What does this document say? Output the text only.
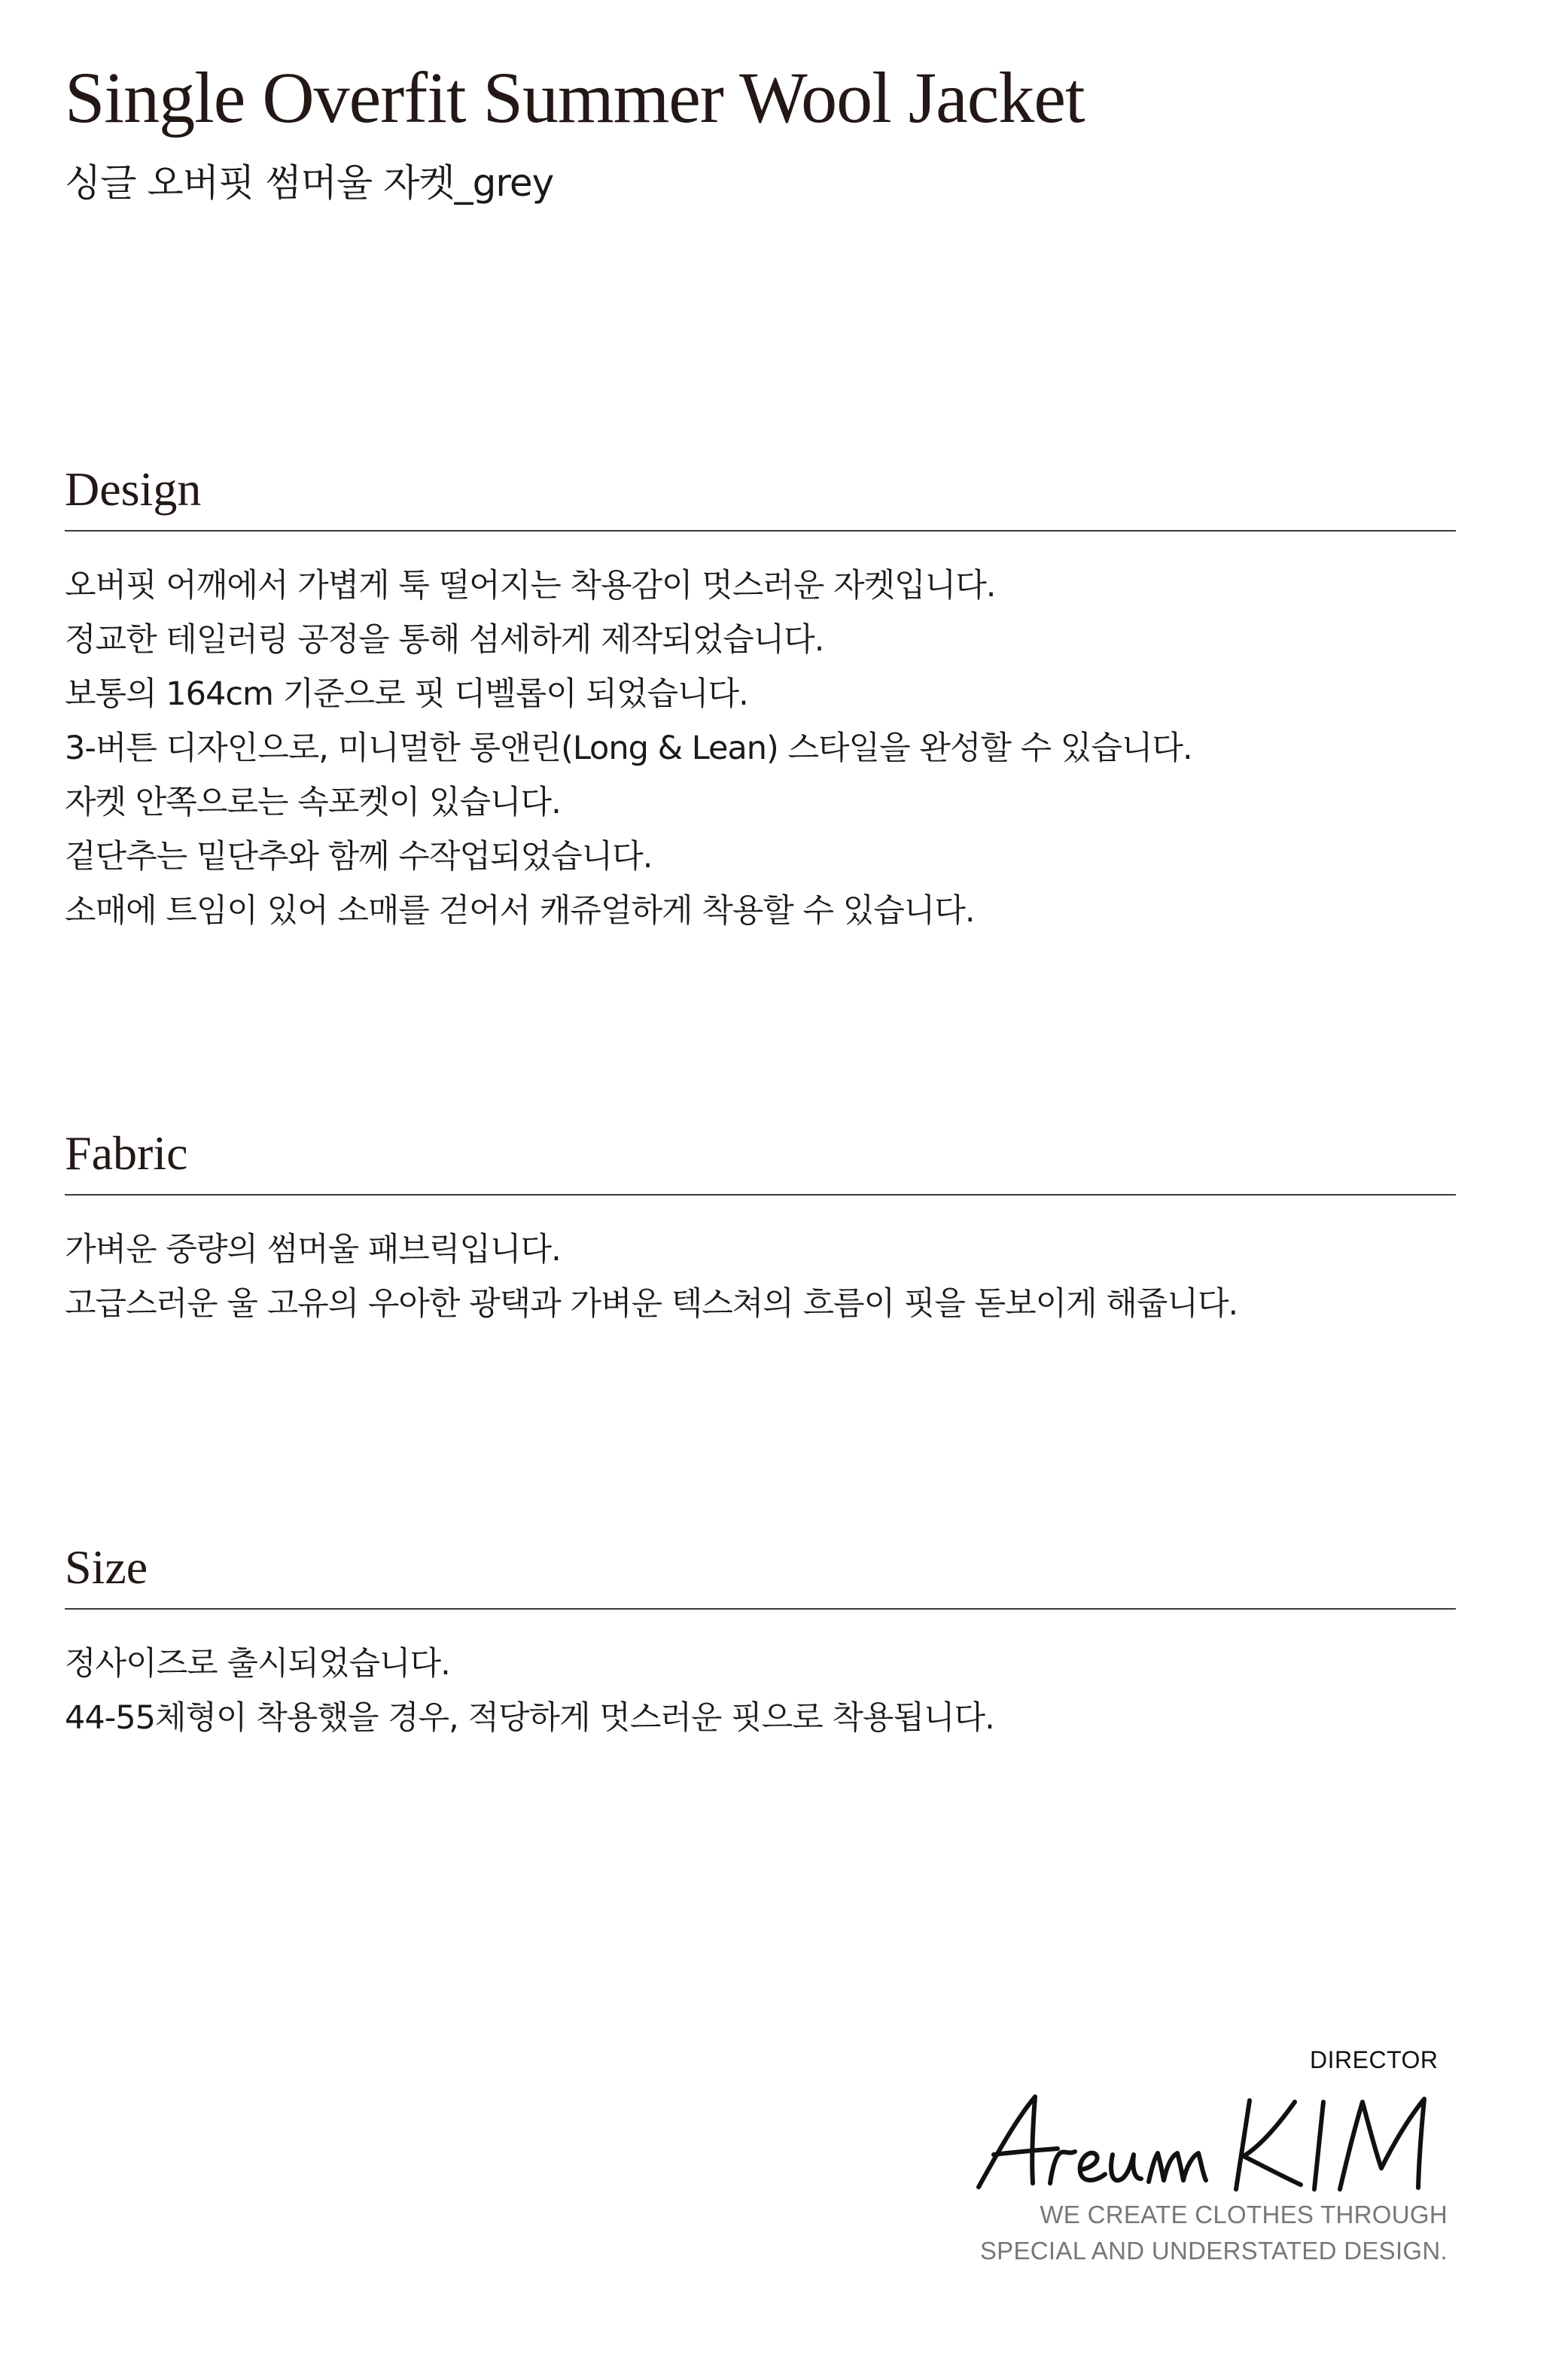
Single Overfit Summer Wool Jacket

싱글 오버핏 썸머울 자켓_grey

Design
오버핏 어깨에서 가볍게 툭 떨어지는 착용감이 멋스러운 자켓입니다.
정교한 테일러링 공정을 통해 섬세하게 제작되었습니다.
보통의 164cm 기준으로 핏 디벨롭이 되었습니다.
3-버튼 디자인으로, 미니멀한 롱앤린(Long & Lean) 스타일을 완성할 수 있습니다.
자켓 안쪽으로는 속포켓이 있습니다.
겉단추는 밑단추와 함께 수작업되었습니다.
소매에 트임이 있어 소매를 걷어서 캐쥬얼하게 착용할 수 있습니다.
Fabric
가벼운 중량의 썸머울 패브릭입니다.
고급스러운 울 고유의 우아한 광택과 가벼운 텍스쳐의 흐름이 핏을 돋보이게 해줍니다.
Size
정사이즈로 출시되었습니다.
44-55체형이 착용했을 경우, 적당하게 멋스러운 핏으로 착용됩니다.
DIRECTOR
WE CREATE CLOTHES THROUGH
SPECIAL AND UNDERSTATED DESIGN.
